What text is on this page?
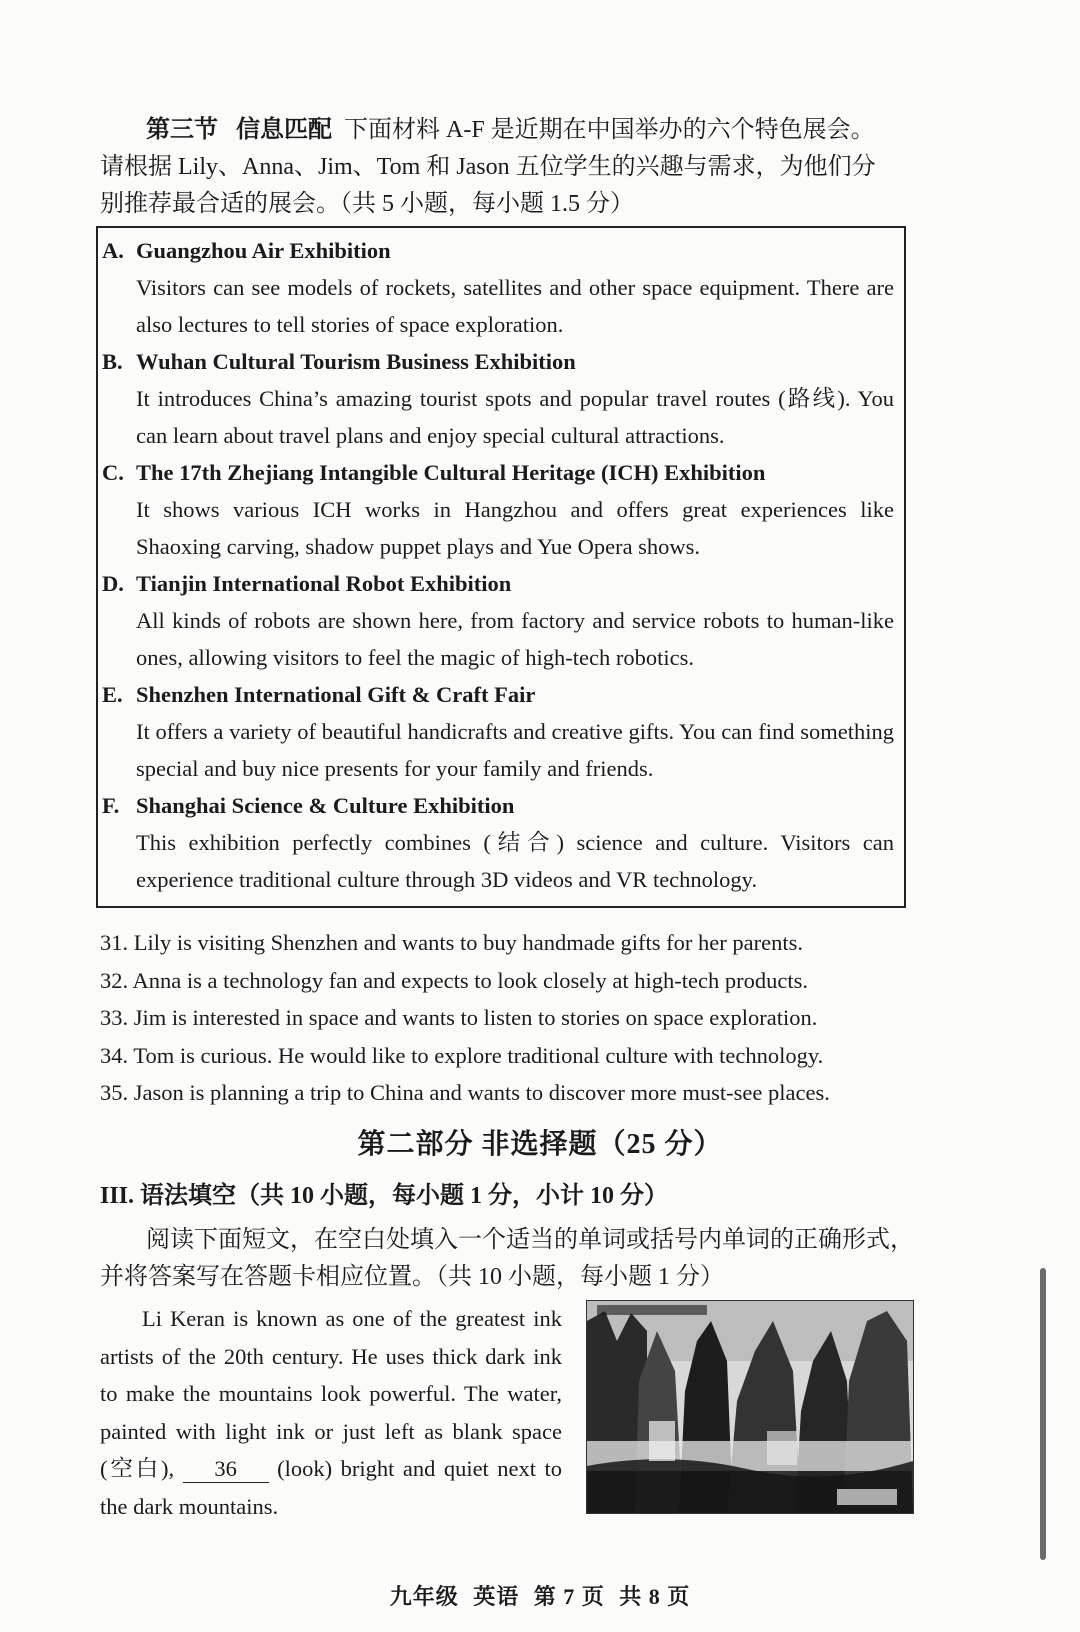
第三节 信息匹配 下面材料 A-F 是近期在中国举办的六个特色展会。
请根据 Lily、Anna、Jim、Tom 和 Jason 五位学生的兴趣与需求，为他们分
别推荐最合适的展会。（共 5 小题，每小题 1.5 分）
A. Guangzhou Air Exhibition
Visitors can see models of rockets, satellites and other space equipment. There are also lectures to tell stories of space exploration.
B. Wuhan Cultural Tourism Business Exhibition
It introduces China’s amazing tourist spots and popular travel routes (路线). You can learn about travel plans and enjoy special cultural attractions.
C. The 17th Zhejiang Intangible Cultural Heritage (ICH) Exhibition
It shows various ICH works in Hangzhou and offers great experiences like Shaoxing carving, shadow puppet plays and Yue Opera shows.
D. Tianjin International Robot Exhibition
All kinds of robots are shown here, from factory and service robots to human-like ones, allowing visitors to feel the magic of high-tech robotics.
E. Shenzhen International Gift & Craft Fair
It offers a variety of beautiful handicrafts and creative gifts. You can find something special and buy nice presents for your family and friends.
F. Shanghai Science & Culture Exhibition
This exhibition perfectly combines (结合) science and culture. Visitors can experience traditional culture through 3D videos and VR technology.
31. Lily is visiting Shenzhen and wants to buy handmade gifts for her parents.
32. Anna is a technology fan and expects to look closely at high-tech products.
33. Jim is interested in space and wants to listen to stories on space exploration.
34. Tom is curious. He would like to explore traditional culture with technology.
35. Jason is planning a trip to China and wants to discover more must-see places.
第二部分 非选择题（25 分）
III. 语法填空（共 10 小题，每小题 1 分，小计 10 分）
阅读下面短文，在空白处填入一个适当的单词或括号内单词的正确形式，
并将答案写在答题卡相应位置。（共 10 小题，每小题 1 分）
Li Keran is known as one of the greatest ink artists of the 20th century. He uses thick dark ink to make the mountains look powerful. The water, painted with light ink or just left as blank space (空白), 36 (look) bright and quiet next to the dark mountains.
九年级 英语 第 7 页 共 8 页
